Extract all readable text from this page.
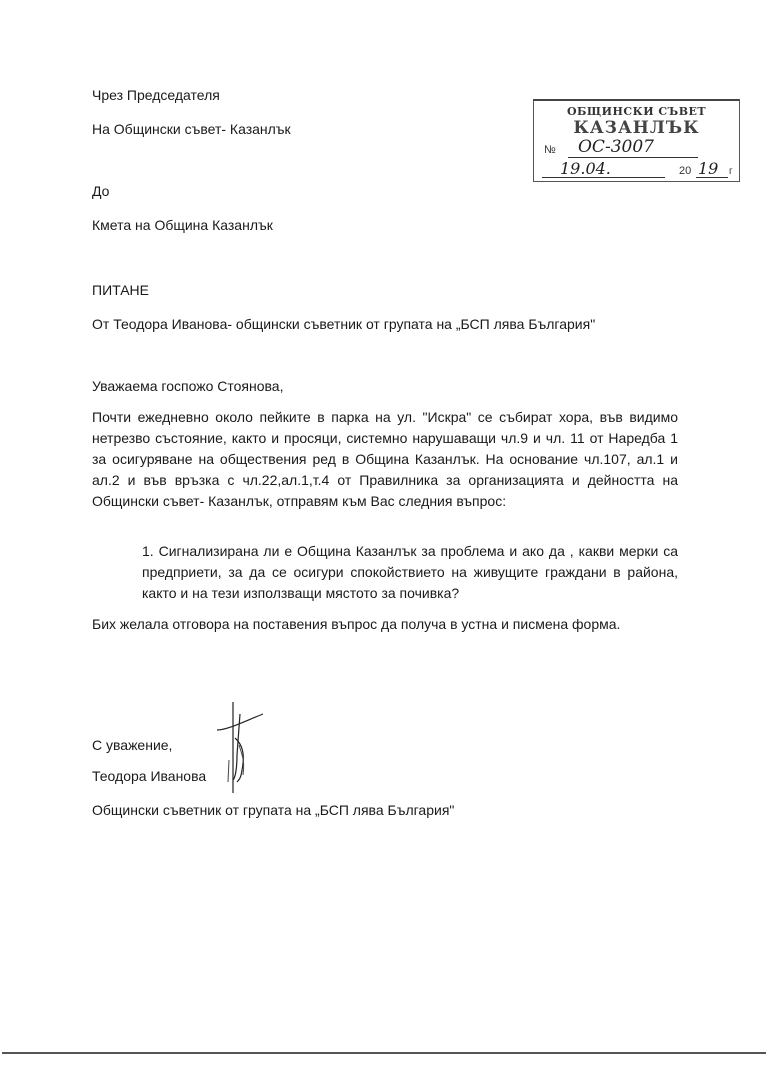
Чрез Председателя
На Общински съвет- Казанлък
До
Кмета на Община Казанлък
ОБЩИНСКИ СЪВЕТ
КАЗАНЛЪК
№	ОС-3007
19.04.	20 19	г
ПИТАНЕ
От Теодора Иванова- общински съветник от групата на „БСП лява България"
Уважаема госпожо Стоянова,
Почти ежедневно около пейките в парка на ул. "Искра" се събират хора, във видимо нетрезво състояние, както и просяци, системно нарушаващи чл.9 и чл. 11 от Наредба 1 за осигуряване на обществения ред в Община Казанлък. На основание чл.107, ал.1 и ал.2 и във връзка с чл.22,ал.1,т.4 от Правилника за организацията и дейността на Общински съвет- Казанлък, отправям към Вас следния въпрос:
1. Сигнализирана ли е Община Казанлък за проблема и ако да , какви мерки са предприети, за да се осигури спокойствието на живущите граждани в района, както и на тези използващи мястото за почивка?
Бих желала отговора на поставения въпрос да получа в устна и писмена форма.
С уважение,
Теодора Иванова
Общински съветник от групата на „БСП лява България"
